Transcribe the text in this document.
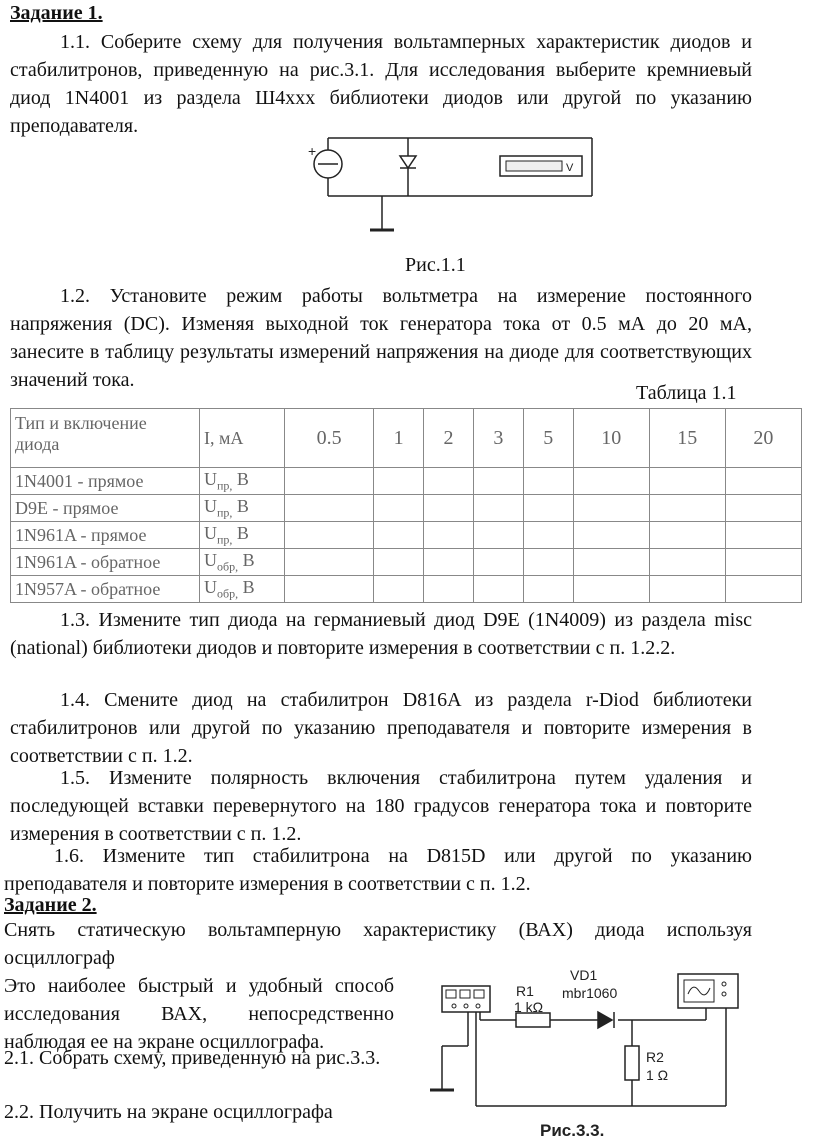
Задание 1.
1.1. Соберите схему для получения вольтамперных характеристик диодов и стабилитронов, приведенную на рис.3.1. Для исследования выберите кремниевый диод 1N4001 из раздела Ш4ххх библиотеки диодов или другой по указанию преподавателя.
+
V
Рис.1.1
1.2. Установите режим работы вольтметра на измерение постоянного напряжения (DC). Изменяя выходной ток генератора тока от 0.5 мА до 20 мА, занесите в таблицу результаты измерений напряжения на диоде для соответствующих значений тока.
Таблица 1.1
Тип и включение диода	I, мА	0.5	1	2	3	5	10	15	20
1N4001 - прямое	$U_{пр,}$ В								
D9E - прямое	$U_{пр,}$ В								
1N961A - прямое	$U_{пр,}$ В								
1N961A - обратное	$U_{обр,}$ В								
1N957A - обратное	$U_{обр,}$ В								
1.3. Измените тип диода на германиевый диод D9E (1N4009) из раздела misc (national) библиотеки диодов и повторите измерения в соответствии с п. 1.2.2.
1.4. Смените диод на стабилитрон D816A из раздела r-Diod библиотеки стабилитронов или другой по указанию преподавателя и повторите измерения в соответствии с п. 1.2.
1.5. Измените полярность включения стабилитрона путем удаления и последующей вставки перевернутого на 180 градусов генератора тока и повторите измерения в соответствии с п. 1.2.
1.6. Измените тип стабилитрона на D815D или другой по указанию преподавателя и повторите измерения в соответствии с п. 1.2.
Задание 2.
Снять статическую вольтамперную характеристику (ВАХ) диода используя осциллограф
Это наиболее быстрый и удобный способ исследования ВАХ, непосредственно наблюдая ее на экране осциллографа.
2.1. Собрать схему, приведенную на рис.3.3.
2.2. Получить на экране осциллографа
R1
1 kΩ
VD1
mbr1060
R2
1 Ω
Рис.3.3.
